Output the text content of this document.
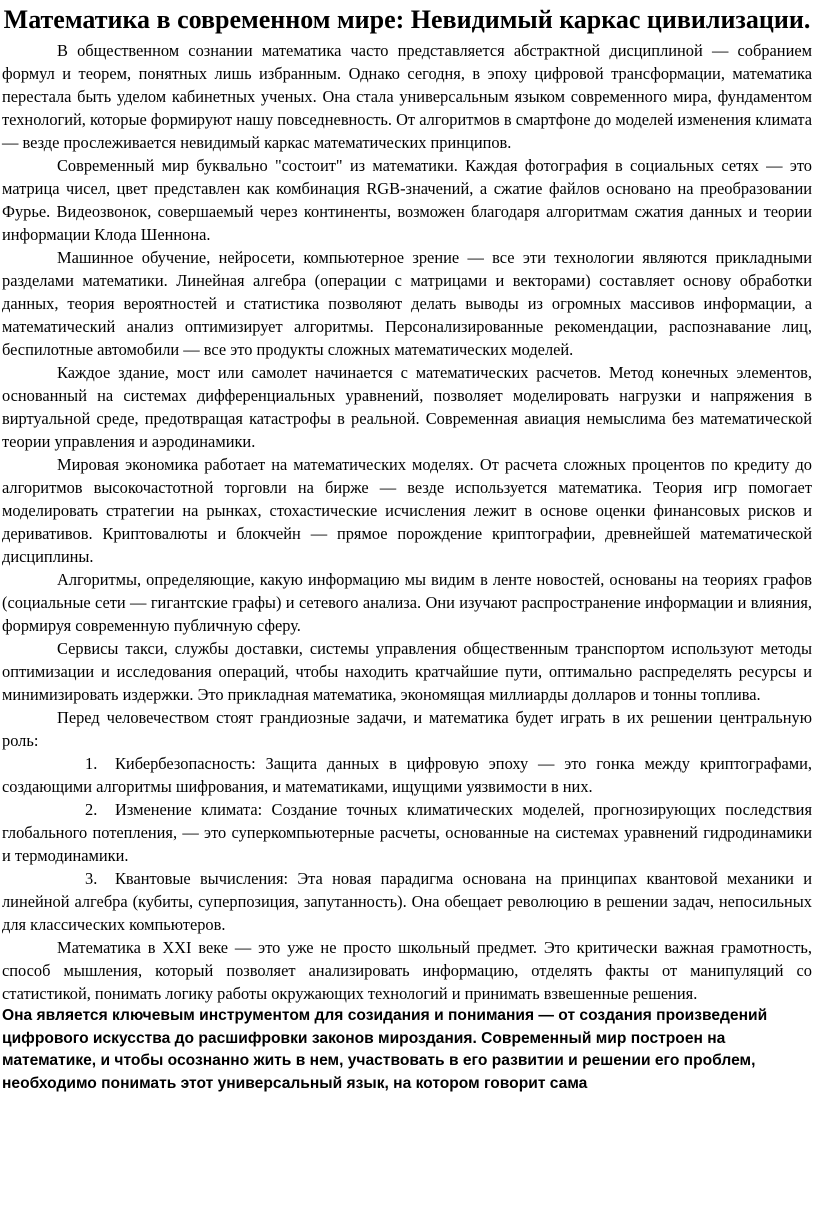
Математика в современном мире: Невидимый каркас цивилизации.

В общественном сознании математика часто представляется абстрактной дисциплиной — собранием формул и теорем, понятных лишь избранным. Однако сегодня, в эпоху цифровой трансформации, математика перестала быть уделом кабинетных ученых. Она стала универсальным языком современного мира, фундаментом технологий, которые формируют нашу повседневность. От алгоритмов в смартфоне до моделей изменения климата — везде прослеживается невидимый каркас математических принципов.

Современный мир буквально "состоит" из математики. Каждая фотография в социальных сетях — это матрица чисел, цвет представлен как комбинация RGB-значений, а сжатие файлов основано на преобразовании Фурье. Видеозвонок, совершаемый через континенты, возможен благодаря алгоритмам сжатия данных и теории информации Клода Шеннона.

Машинное обучение, нейросети, компьютерное зрение — все эти технологии являются прикладными разделами математики. Линейная алгебра (операции с матрицами и векторами) составляет основу обработки данных, теория вероятностей и статистика позволяют делать выводы из огромных массивов информации, а математический анализ оптимизирует алгоритмы. Персонализированные рекомендации, распознавание лиц, беспилотные автомобили — все это продукты сложных математических моделей.

Каждое здание, мост или самолет начинается с математических расчетов. Метод конечных элементов, основанный на системах дифференциальных уравнений, позволяет моделировать нагрузки и напряжения в виртуальной среде, предотвращая катастрофы в реальной. Современная авиация немыслима без математической теории управления и аэродинамики.

Мировая экономика работает на математических моделях. От расчета сложных процентов по кредиту до алгоритмов высокочастотной торговли на бирже — везде используется математика. Теория игр помогает моделировать стратегии на рынках, стохастические исчисления лежит в основе оценки финансовых рисков и деривативов. Криптовалюты и блокчейн — прямое порождение криптографии, древнейшей математической дисциплины.

Алгоритмы, определяющие, какую информацию мы видим в ленте новостей, основаны на теориях графов (социальные сети — гигантские графы) и сетевого анализа. Они изучают распространение информации и влияния, формируя современную публичную сферу.

Сервисы такси, службы доставки, системы управления общественным транспортом используют методы оптимизации и исследования операций, чтобы находить кратчайшие пути, оптимально распределять ресурсы и минимизировать издержки. Это прикладная математика, экономящая миллиарды долларов и тонны топлива.

Перед человечеством стоят грандиозные задачи, и математика будет играть в их решении центральную роль:

1. Кибербезопасность: Защита данных в цифровую эпоху — это гонка между криптографами, создающими алгоритмы шифрования, и математиками, ищущими уязвимости в них.
2. Изменение климата: Создание точных климатических моделей, прогнозирующих последствия глобального потепления, — это суперкомпьютерные расчеты, основанные на системах уравнений гидродинамики и термодинамики.
3. Квантовые вычисления: Эта новая парадигма основана на принципах квантовой механики и линейной алгебра (кубиты, суперпозиция, запутанность). Она обещает революцию в решении задач, непосильных для классических компьютеров.

Математика в XXI веке — это уже не просто школьный предмет. Это критически важная грамотность, способ мышления, который позволяет анализировать информацию, отделять факты от манипуляций со статистикой, понимать логику работы окружающих технологий и принимать взвешенные решения.

Она является ключевым инструментом для созидания и понимания — от создания произведений цифрового искусства до расшифровки законов мироздания. Современный мир построен на математике, и чтобы осознанно жить в нем, участвовать в его развитии и решении его проблем, необходимо понимать этот универсальный язык, на котором говорит сама
